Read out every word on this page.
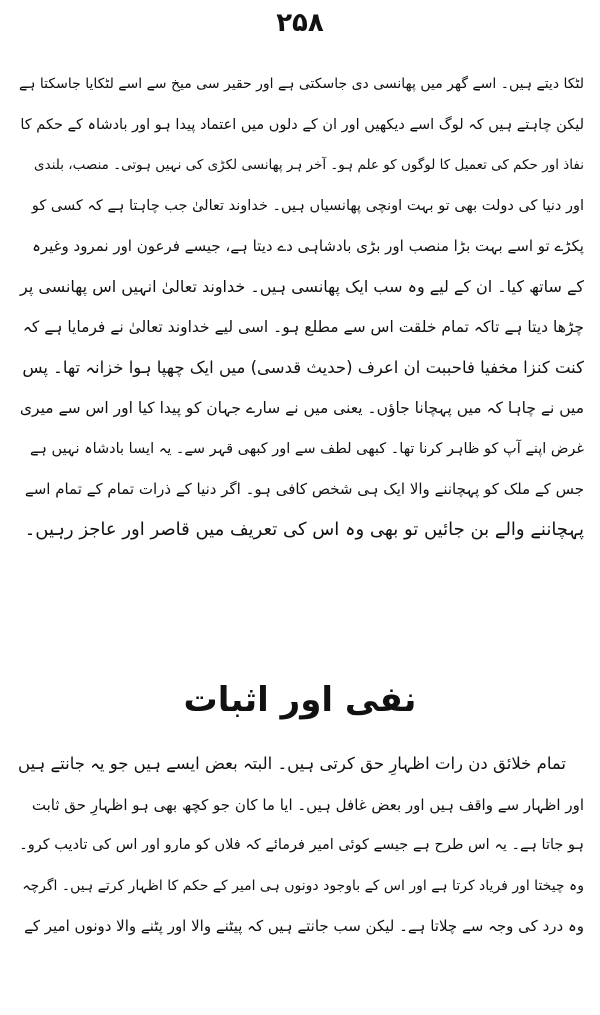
۲۵۸
لٹکا دیتے ہیں۔ اسے گھر میں پھانسی دی جاسکتی ہے اور حقیر سی میخ سے اسے لٹکایا جاسکتا ہے
لیکن چاہتے ہیں کہ لوگ اسے دیکھیں اور ان کے دلوں میں اعتماد پیدا ہو اور بادشاہ کے حکم کا
نفاذ اور حکم کی تعمیل کا لوگوں کو علم ہو۔ آخر ہر پھانسی لکڑی کی نہیں ہوتی۔ منصب، بلندی
اور دنیا کی دولت بھی تو بہت اونچی پھانسیاں ہیں۔ خداوند تعالیٰ جب چاہتا ہے کہ کسی کو
پکڑے تو اسے بہت بڑا منصب اور بڑی بادشاہی دے دیتا ہے، جیسے فرعون اور نمرود وغیرہ
کے ساتھ کیا۔ ان کے لیے وہ سب ایک پھانسی ہیں۔ خداوند تعالیٰ انہیں اس پھانسی پر
چڑھا دیتا ہے تاکہ تمام خلقت اس سے مطلع ہو۔ اسی لیے خداوند تعالیٰ نے فرمایا ہے کہ
کنت کنزا مخفیا فاحببت ان اعرف (حدیث قدسی) میں ایک چھپا ہوا خزانہ تھا۔ پس
میں نے چاہا کہ میں پہچانا جاؤں۔ یعنی میں نے سارے جہان کو پیدا کیا اور اس سے میری
غرض اپنے آپ کو ظاہر کرنا تھا۔ کبھی لطف سے اور کبھی قہر سے۔ یہ ایسا بادشاہ نہیں ہے
جس کے ملک کو پہچاننے والا ایک ہی شخص کافی ہو۔ اگر دنیا کے ذرات تمام کے تمام اسے
پہچاننے والے بن جائیں تو بھی وہ اس کی تعریف میں قاصر اور عاجز رہیں۔
نفی اور اثبات
تمام خلائق دن رات اظہارِ حق کرتی ہیں۔ البتہ بعض ایسے ہیں جو یہ جانتے ہیں
اور اظہار سے واقف ہیں اور بعض غافل ہیں۔ ایا ما کان جو کچھ بھی ہو اظہارِ حق ثابت
ہو جاتا ہے۔ یہ اس طرح ہے جیسے کوئی امیر فرمائے کہ فلاں کو مارو اور اس کی تادیب کرو۔
وہ چیختا اور فریاد کرتا ہے اور اس کے باوجود دونوں ہی امیر کے حکم کا اظہار کرتے ہیں۔ اگرچہ
وہ درد کی وجہ سے چلاتا ہے۔ لیکن سب جانتے ہیں کہ پیٹنے والا اور پٹنے والا دونوں امیر کے
